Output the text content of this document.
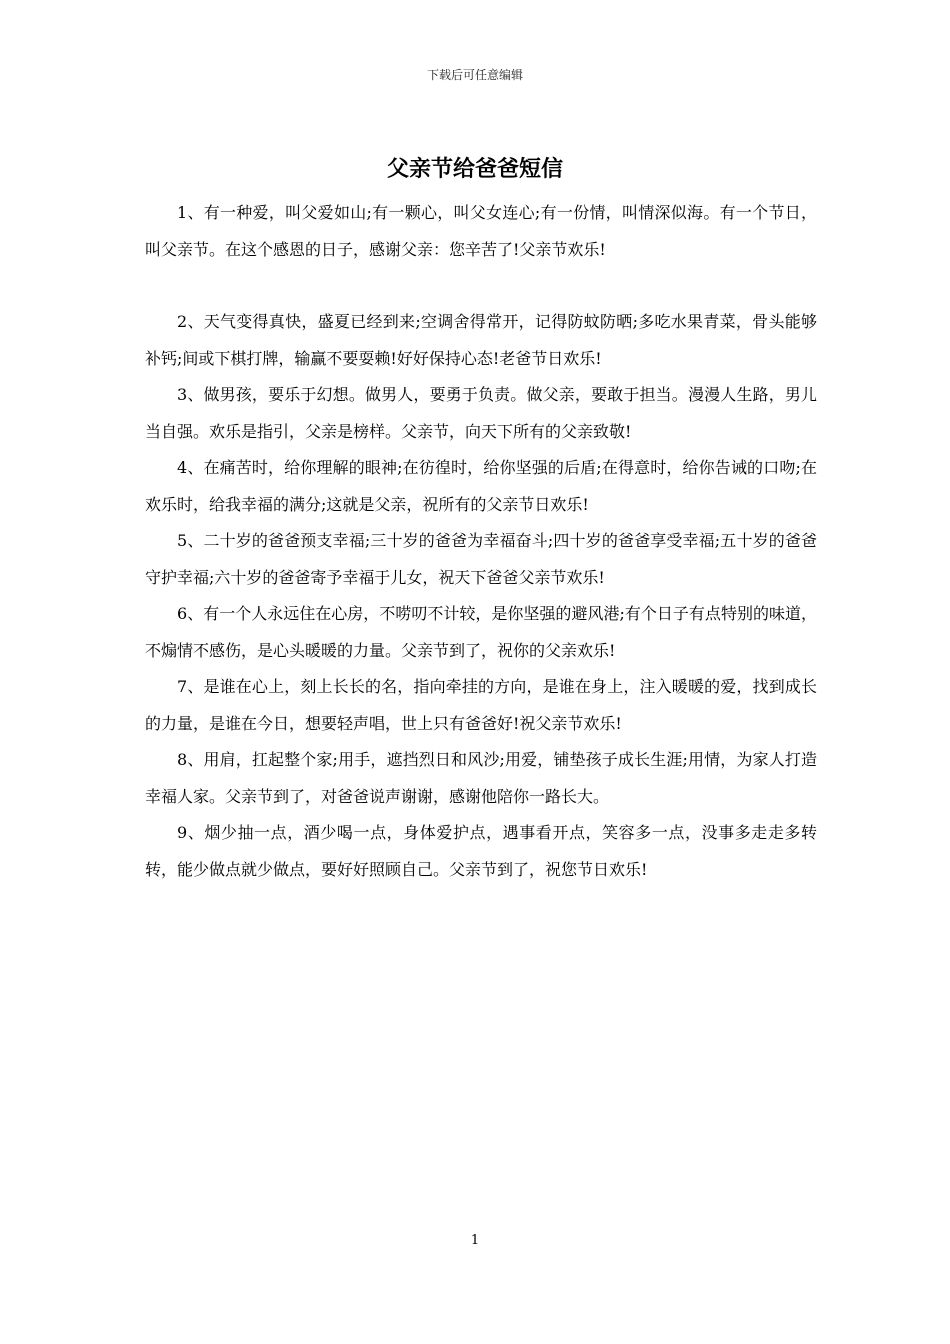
下载后可任意编辑
父亲节给爸爸短信

1、有一种爱，叫父爱如山;有一颗心，叫父女连心;有一份情，叫情深似海。有一个节日，叫父亲节。在这个感恩的日子，感谢父亲：您辛苦了!父亲节欢乐!

2、天气变得真快，盛夏已经到来;空调舍得常开，记得防蚊防晒;多吃水果青菜，骨头能够补钙;间或下棋打牌，输赢不要耍赖!好好保持心态!老爸节日欢乐!

3、做男孩，要乐于幻想。做男人，要勇于负责。做父亲，要敢于担当。漫漫人生路，男儿当自强。欢乐是指引，父亲是榜样。父亲节，向天下所有的父亲致敬!

4、在痛苦时，给你理解的眼神;在彷徨时，给你坚强的后盾;在得意时，给你告诫的口吻;在欢乐时，给我幸福的满分;这就是父亲，祝所有的父亲节日欢乐!

5、二十岁的爸爸预支幸福;三十岁的爸爸为幸福奋斗;四十岁的爸爸享受幸福;五十岁的爸爸守护幸福;六十岁的爸爸寄予幸福于儿女，祝天下爸爸父亲节欢乐!

6、有一个人永远住在心房，不唠叨不计较，是你坚强的避风港;有个日子有点特别的味道，不煽情不感伤，是心头暖暖的力量。父亲节到了，祝你的父亲欢乐!

7、是谁在心上，刻上长长的名，指向牵挂的方向，是谁在身上，注入暖暖的爱，找到成长的力量，是谁在今日，想要轻声唱，世上只有爸爸好!祝父亲节欢乐!

8、用肩，扛起整个家;用手，遮挡烈日和风沙;用爱，铺垫孩子成长生涯;用情，为家人打造幸福人家。父亲节到了，对爸爸说声谢谢，感谢他陪你一路长大。

9、烟少抽一点，酒少喝一点，身体爱护点，遇事看开点，笑容多一点，没事多走走多转转，能少做点就少做点，要好好照顾自己。父亲节到了，祝您节日欢乐!

1
